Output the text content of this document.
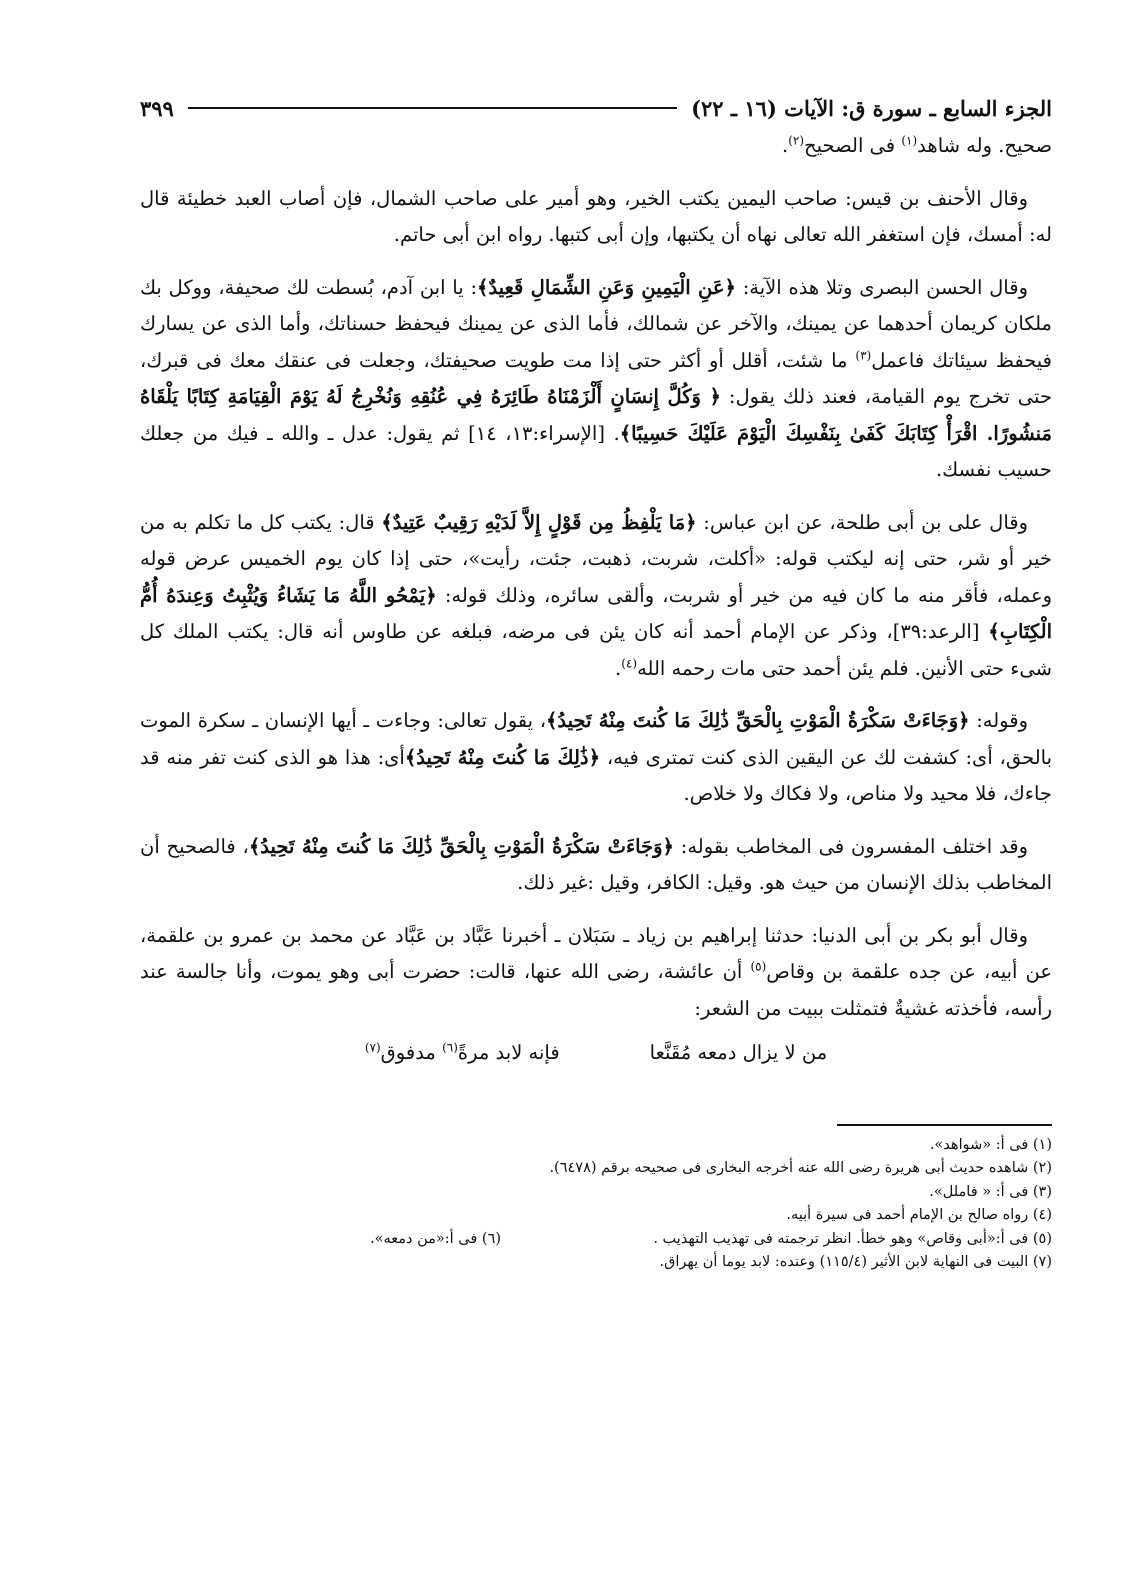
الجزء السابع ـ سورة ق: الآيات (١٦ ـ ٢٢)
٣٩٩

صحيح. وله شاهد$^{(١)}$ فى الصحيح$^{(٢)}$.

وقال الأحنف بن قيس: صاحب اليمين يكتب الخير، وهو أمير على صاحب الشمال، فإن أصاب العبد خطيئة قال له: أمسك، فإن استغفر الله تعالى نهاه أن يكتبها، وإن أبى كتبها. رواه ابن أبى حاتم.

وقال الحسن البصرى وتلا هذه الآية: ﴿عَنِ الْيَمِينِ وَعَنِ الشِّمَالِ قَعِيدٌ﴾: يا ابن آدم، بُسطت لك صحيفة، ووكل بك ملكان كريمان أحدهما عن يمينك، والآخر عن شمالك، فأما الذى عن يمينك فيحفظ حسناتك، وأما الذى عن يسارك فيحفظ سيئاتك فاعمل$^{(٣)}$ ما شئت، أقلل أو أكثر حتى إذا مت طويت صحيفتك، وجعلت فى عنقك معك فى قبرك، حتى تخرج يوم القيامة، فعند ذلك يقول: ﴿ وَكُلَّ إِنسَانٍ أَلْزَمْنَاهُ طَائِرَهُ فِي عُنُقِهِ وَنُخْرِجُ لَهُ يَوْمَ الْقِيَامَةِ كِتَابًا يَلْقَاهُ مَنشُورًا. اقْرَأْ كِتَابَكَ كَفَىٰ بِنَفْسِكَ الْيَوْمَ عَلَيْكَ حَسِيبًا﴾. [الإسراء:١٣، ١٤] ثم يقول: عدل ـ والله ـ فيك من جعلك حسيب نفسك.

وقال على بن أبى طلحة، عن ابن عباس: ﴿مَا يَلْفِظُ مِن قَوْلٍ إِلاَّ لَدَيْهِ رَقِيبٌ عَتِيدٌ﴾ قال: يكتب كل ما تكلم به من خير أو شر، حتى إنه ليكتب قوله: «أكلت، شربت، ذهبت، جئت، رأيت»، حتى إذا كان يوم الخميس عرض قوله وعمله، فأقر منه ما كان فيه من خير أو شربت، وألقى سائره، وذلك قوله: ﴿يَمْحُو اللَّهُ مَا يَشَاءُ وَيُثْبِتُ وَعِندَهُ أُمُّ الْكِتَابِ﴾ [الرعد:٣٩]، وذكر عن الإمام أحمد أنه كان يئن فى مرضه، فبلغه عن طاوس أنه قال: يكتب الملك كل شىء حتى الأنين. فلم يئن أحمد حتى مات رحمه الله$^{(٤)}$.

وقوله: ﴿وَجَاءَتْ سَكْرَةُ الْمَوْتِ بِالْحَقِّ ذَٰلِكَ مَا كُنتَ مِنْهُ تَحِيدُ﴾، يقول تعالى: وجاءت ـ أيها الإنسان ـ سكرة الموت بالحق، أى: كشفت لك عن اليقين الذى كنت تمترى فيه، ﴿ذَٰلِكَ مَا كُنتَ مِنْهُ تَحِيدُ﴾أى: هذا هو الذى كنت تفر منه قد جاءك، فلا محيد ولا مناص، ولا فكاك ولا خلاص.

وقد اختلف المفسرون فى المخاطب بقوله: ﴿وَجَاءَتْ سَكْرَةُ الْمَوْتِ بِالْحَقِّ ذَٰلِكَ مَا كُنتَ مِنْهُ تَحِيدُ﴾، فالصحيح أن المخاطب بذلك الإنسان من حيث هو. وقيل: الكافر، وقيل :غير ذلك.

وقال أبو بكر بن أبى الدنيا: حدثنا إبراهيم بن زياد ـ سَبَلان ـ أخبرنا عَبَّاد بن عَبَّاد عن محمد بن عمرو بن علقمة، عن أبيه، عن جده علقمة بن وقاص$^{(٥)}$ أن عائشة، رضى الله عنها، قالت: حضرت أبى وهو يموت، وأنا جالسة عند رأسه، فأخذته غشيةٌ فتمثلت ببيت من الشعر:

من لا يزال دمعه مُقَنَّعا
فإنه لابد مرةً$^{(٦)}$ مدفوق$^{(٧)}$

(١) فى أ: «شواهد».

(٢) شاهده حديث أبى هريرة رضى الله عنه أخرجه البخارى فى صحيحه برقم (٦٤٧٨).

(٣) فى أ: « فاملل».

(٤) رواه صالح بن الإمام أحمد فى سيرة أبيه.

(٥) فى أ:«أبى وقاص» وهو خطأ. انظر ترجمته فى تهذيب التهذيب .
(٦) فى أ:«من دمعه».

(٧) البيت فى النهاية لابن الأثير (١١٥/٤) وعنده: لابد يوما أن يهراق.
